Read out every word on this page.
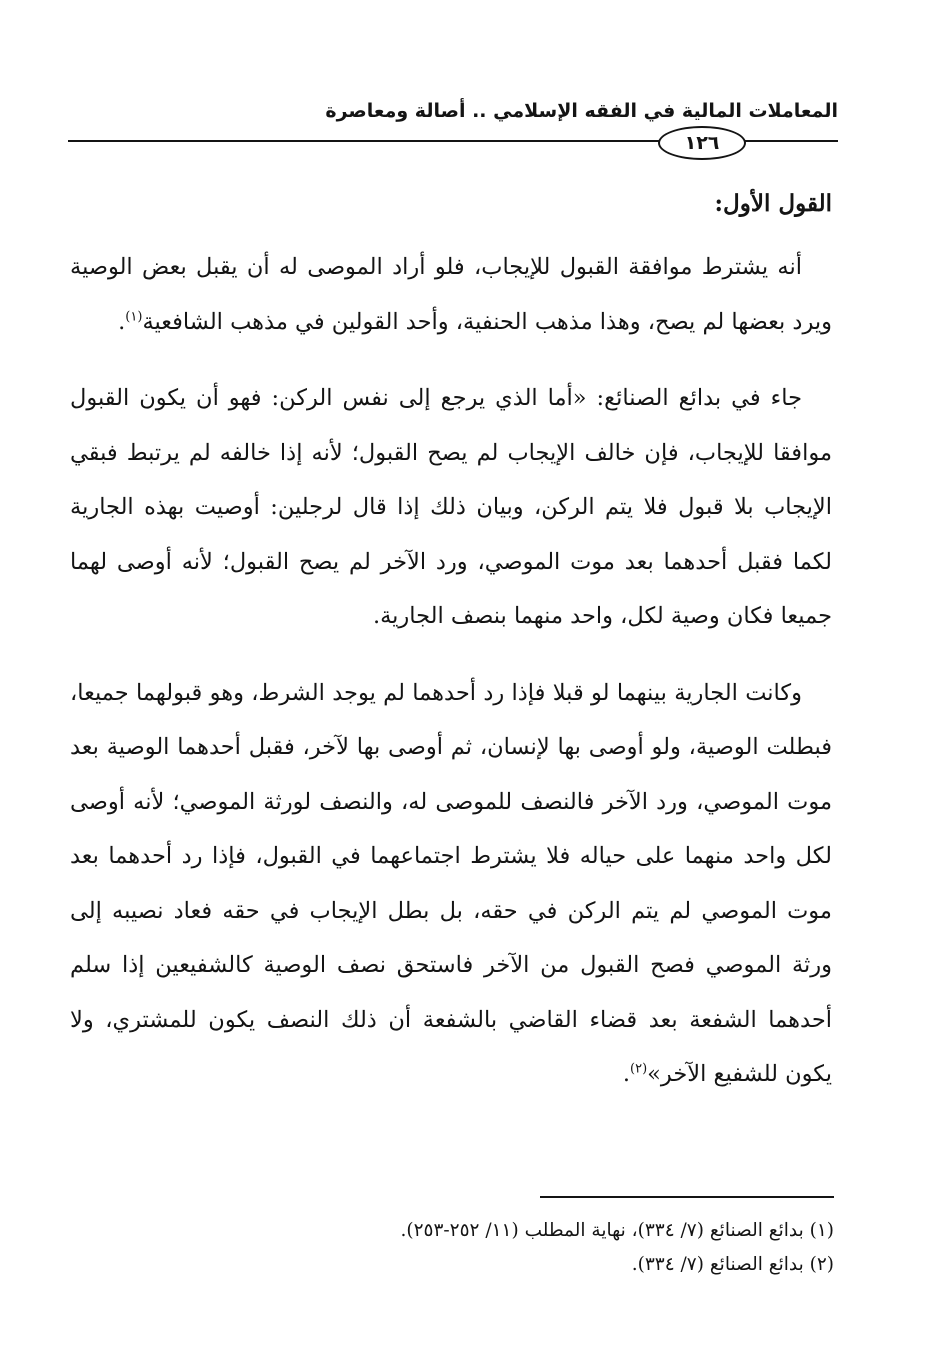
المعاملات المالية في الفقه الإسلامي .. أصالة ومعاصرة
١٢٦
القول الأول:

أنه يشترط موافقة القبول للإيجاب، فلو أراد الموصى له أن يقبل بعض الوصية ويرد بعضها لم يصح، وهذا مذهب الحنفية، وأحد القولين في مذهب الشافعية$^{(١)}$.

جاء في بدائع الصنائع: «أما الذي يرجع إلى نفس الركن: فهو أن يكون القبول موافقا للإيجاب، فإن خالف الإيجاب لم يصح القبول؛ لأنه إذا خالفه لم يرتبط فبقي الإيجاب بلا قبول فلا يتم الركن، وبيان ذلك إذا قال لرجلين: أوصيت بهذه الجارية لكما فقبل أحدهما بعد موت الموصي، ورد الآخر لم يصح القبول؛ لأنه أوصى لهما جميعا فكان وصية لكل، واحد منهما بنصف الجارية.

وكانت الجارية بينهما لو قبلا فإذا رد أحدهما لم يوجد الشرط، وهو قبولهما جميعا، فبطلت الوصية، ولو أوصى بها لإنسان، ثم أوصى بها لآخر، فقبل أحدهما الوصية بعد موت الموصي، ورد الآخر فالنصف للموصى له، والنصف لورثة الموصي؛ لأنه أوصى لكل واحد منهما على حياله فلا يشترط اجتماعهما في القبول، فإذا رد أحدهما بعد موت الموصي لم يتم الركن في حقه، بل بطل الإيجاب في حقه فعاد نصيبه إلى ورثة الموصي فصح القبول من الآخر فاستحق نصف الوصية كالشفيعين إذا سلم أحدهما الشفعة بعد قضاء القاضي بالشفعة أن ذلك النصف يكون للمشتري، ولا يكون للشفيع الآخر»$^{(٢)}$.

(١) بدائع الصنائع (٧/ ٣٣٤)، نهاية المطلب (١١/ ٢٥٢-٢٥٣).

(٢) بدائع الصنائع (٧/ ٣٣٤).
